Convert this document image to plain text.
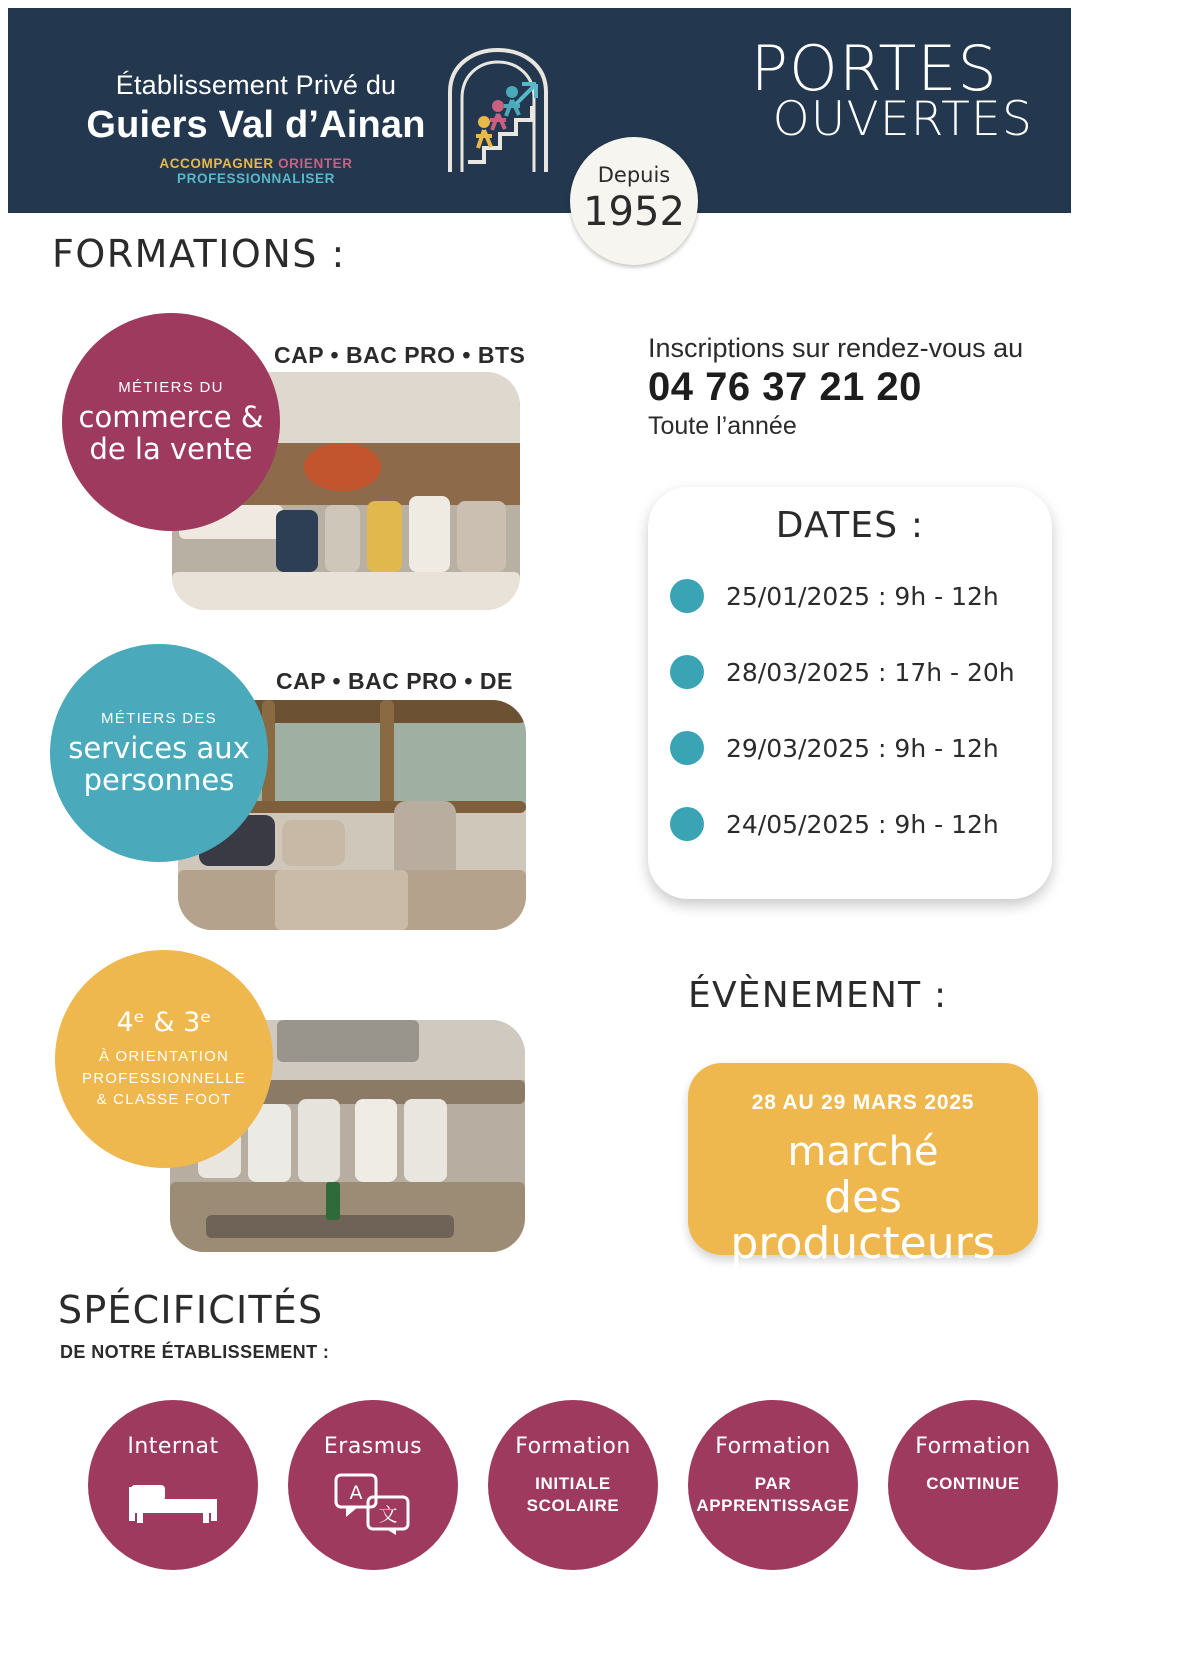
Établissement Privé du
Guiers Val d’Ainan
ACCOMPAGNER ORIENTER PROFESSIONNALISER
PORTES
OUVERTES
Depuis
1952
FORMATIONS :
MÉTIERS DU
commerce &
de la vente
CAP • BAC PRO • BTS
MÉTIERS DES
services aux
personnes
CAP • BAC PRO • DE
4ᵉ & 3ᵉ
À ORIENTATION
PROFESSIONNELLE
& CLASSE FOOT
Inscriptions sur rendez-vous au
04 76 37 21 20
Toute l’année
DATES :
25/01/2025 : 9h - 12h
28/03/2025 : 17h - 20h
29/03/2025 : 9h - 12h
24/05/2025 : 9h - 12h
ÉVÈNEMENT :
28 AU 29 MARS 2025
marché
des producteurs
SPÉCIFICITÉS
DE NOTRE ÉTABLISSEMENT :
Internat	Erasmus
A
文
Formation
INITIALE
SCOLAIRE
Formation
PAR
APPRENTISSAGE
Formation
CONTINUE
